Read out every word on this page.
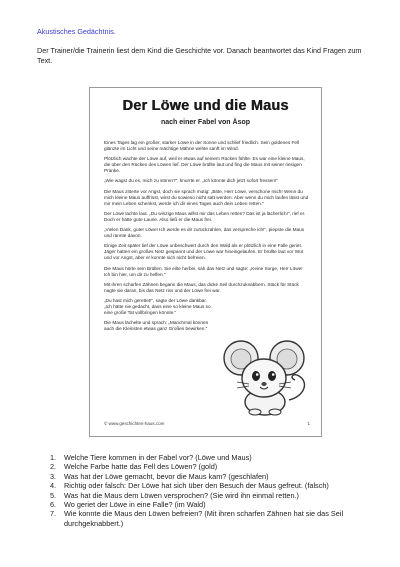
Akustisches Gedächtnis.
Der Trainer/die Trainerin liest dem Kind die Geschichte vor. Danach beantwortet das Kind Fragen zum Text.
Der Löwe und die Maus
nach einer Fabel von Äsop

Eines Tages lag ein großer, starker Löwe in der Sonne und schlief friedlich. Sein goldenes Fell glänzte im Licht und seine mächtige Mähne wehte sanft im Wind.

Plötzlich wachte der Löwe auf, weil er etwas auf seinem Rücken fühlte. Es war eine kleine Maus, die über den Rücken des Löwen lief. Der Löwe brüllte laut und fing die Maus mit seiner riesigen Pranke.

„Wie wagst du es, mich zu stören?", knurrte er. „Ich könnte dich jetzt sofort fressen!"

Die Maus zitterte vor Angst, doch sie sprach mutig: „Bitte, Herr Löwe, verschone mich! Wenn du mich kleine Maus auffrisst, wirst du sowieso nicht satt werden. Aber wenn du mich laufen lässt und mir mein Leben schenkst, werde ich dir eines Tages auch dein Leben retten."

Der Löwe lachte laut. „Du winzige Maus willst mir das Leben retten? Das ist ja lächerlich!", rief er. Doch er hatte gute Laune. Also ließ er die Maus frei.

„Vielen Dank, guter Löwe! Ich werde es dir zurückzahlen, das verspreche ich!", piepste die Maus und rannte davon.

Einige Zeit später lief der Löwe unbeschwert durch den Wald als er plötzlich in eine Falle geriet. Jäger hatten ein großes Netz gespannt und der Löwe war hineingelaufen. Er brüllte laut vor Wut und vor Angst, aber er konnte sich nicht befreien.

Die Maus hörte sein Brüllen. Sie eilte herbei, sah das Netz und sagte: „Keine Sorge, Herr Löwe! Ich bin hier, um dir zu helfen."

Mit ihren scharfen Zähnen begann die Maus, das dicke Seil durchzuknabbern. Stück für Stück nagte sie daran, bis das Netz riss und der Löwe frei war.

„Du hast mich gerettet!", sagte der Löwe dankbar. „Ich hätte nie gedacht, dass eine so kleine Maus so eine große Tat vollbringen könnte."

Die Maus lächelte und sprach: „Manchmal können auch die Kleinsten etwas ganz Großes bewirken."

© www.geschichten-haus.com	1
1.	Welche Tiere kommen in der Fabel vor? (Löwe und Maus)
2.	Welche Farbe hatte das Fell des Löwen? (gold)
3.	Was hat der Löwe gemacht, bevor die Maus kam? (geschlafen)
4.	Richtig oder falsch: Der Löwe hat sich über den Besuch der Maus gefreut. (falsch)
5.	Was hat die Maus dem Löwen versprochen? (Sie wird ihn einmal retten.)
6.	Wo geriet der Löwe in eine Falle? (im Wald)
7.	Wie konnte die Maus den Löwen befreien? (Mit ihren scharfen Zähnen hat sie das Seil durchgeknabbert.)
